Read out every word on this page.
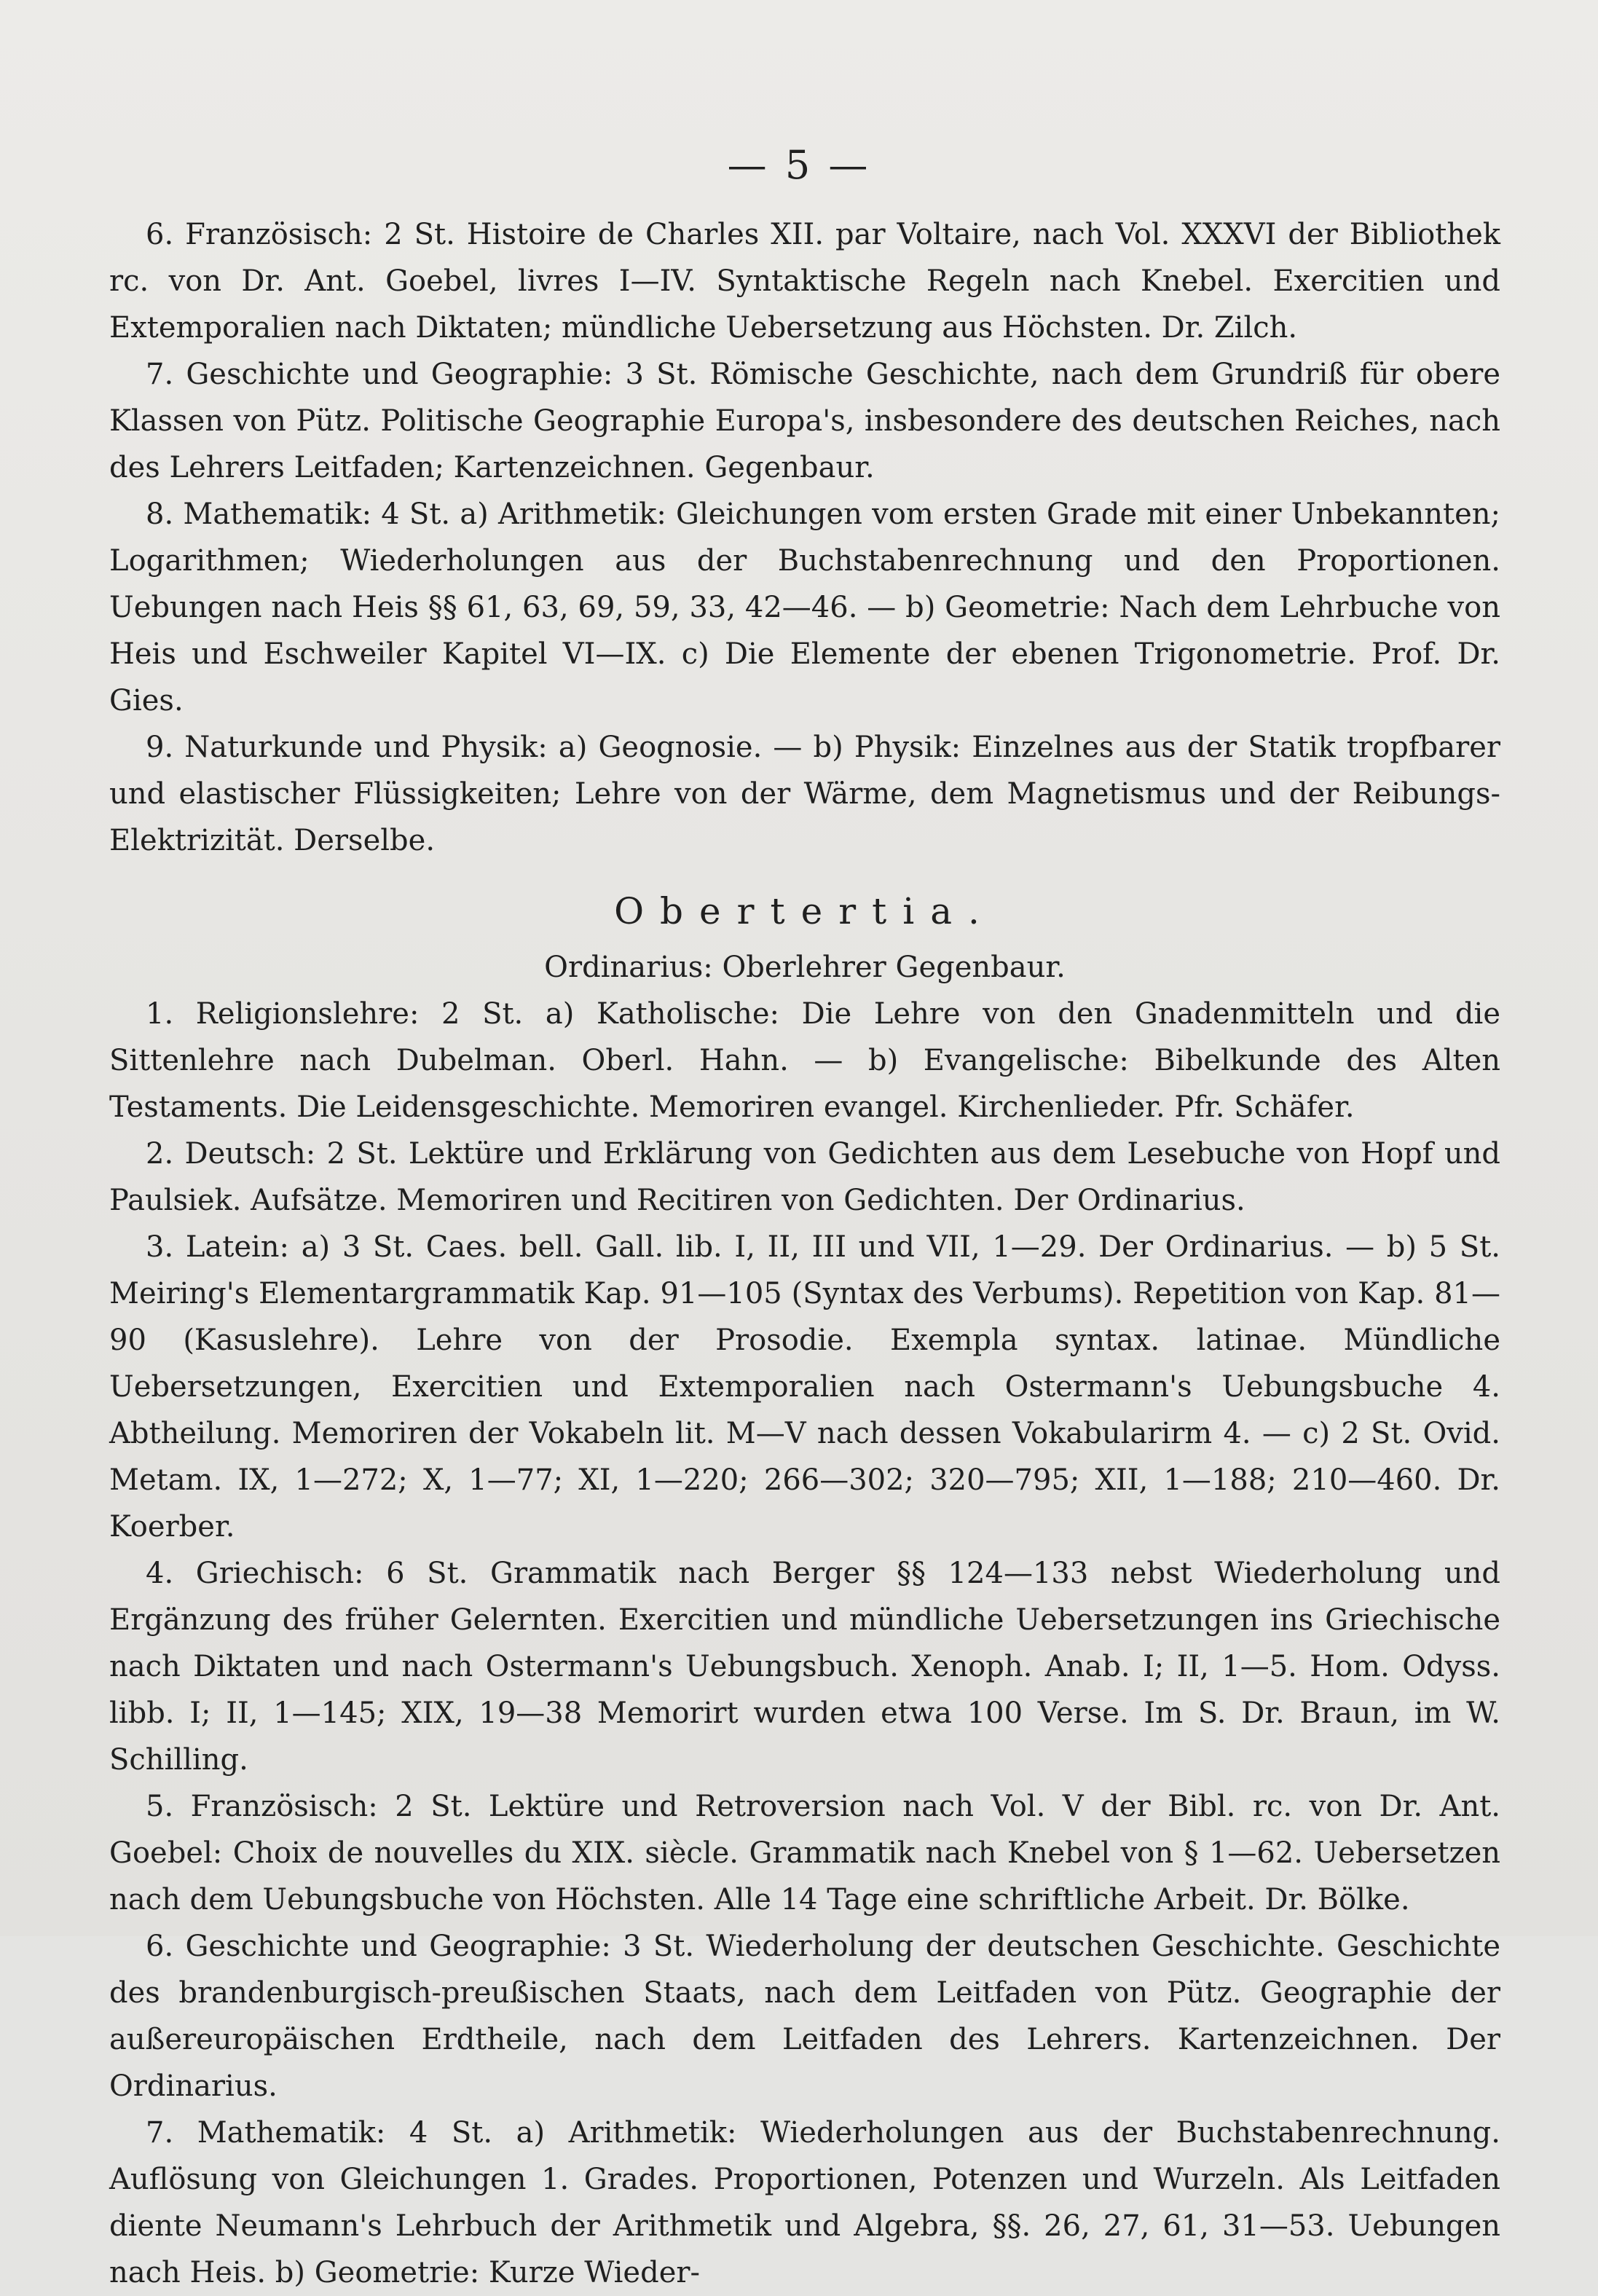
— 5 —

6. Französisch: 2 St. Histoire de Charles XII. par Voltaire, nach Vol. XXXVI der Bibliothek rc. von Dr. Ant. Goebel, livres I—IV. Syntaktische Regeln nach Knebel. Exercitien und Extemporalien nach Diktaten; mündliche Uebersetzung aus Höchsten. Dr. Zilch.

7. Geschichte und Geographie: 3 St. Römische Geschichte, nach dem Grundriß für obere Klassen von Pütz. Politische Geographie Europa's, insbesondere des deutschen Reiches, nach des Lehrers Leitfaden; Kartenzeichnen. Gegenbaur.

8. Mathematik: 4 St. a) Arithmetik: Gleichungen vom ersten Grade mit einer Unbekannten; Logarithmen; Wiederholungen aus der Buchstabenrechnung und den Proportionen. Uebungen nach Heis §§ 61, 63, 69, 59, 33, 42—46. — b) Geometrie: Nach dem Lehrbuche von Heis und Eschweiler Kapitel VI—IX. c) Die Elemente der ebenen Trigonometrie. Prof. Dr. Gies.

9. Naturkunde und Physik: a) Geognosie. — b) Physik: Einzelnes aus der Statik tropfbarer und elastischer Flüssigkeiten; Lehre von der Wärme, dem Magnetismus und der Reibungs-Elektrizität. Derselbe.

Obertertia.
Ordinarius: Oberlehrer Gegenbaur.

1. Religionslehre: 2 St. a) Katholische: Die Lehre von den Gnadenmitteln und die Sittenlehre nach Dubelman. Oberl. Hahn. — b) Evangelische: Bibelkunde des Alten Testaments. Die Leidensgeschichte. Memoriren evangel. Kirchenlieder. Pfr. Schäfer.

2. Deutsch: 2 St. Lektüre und Erklärung von Gedichten aus dem Lesebuche von Hopf und Paulsiek. Aufsätze. Memoriren und Recitiren von Gedichten. Der Ordinarius.

3. Latein: a) 3 St. Caes. bell. Gall. lib. I, II, III und VII, 1—29. Der Ordinarius. — b) 5 St. Meiring's Elementargrammatik Kap. 91—105 (Syntax des Verbums). Repetition von Kap. 81—90 (Kasuslehre). Lehre von der Prosodie. Exempla syntax. latinae. Mündliche Uebersetzungen, Exercitien und Extemporalien nach Ostermann's Uebungsbuche 4. Abtheilung. Memoriren der Vokabeln lit. M—V nach dessen Vokabularirm 4. — c) 2 St. Ovid. Metam. IX, 1—272; X, 1—77; XI, 1—220; 266—302; 320—795; XII, 1—188; 210—460. Dr. Koerber.

4. Griechisch: 6 St. Grammatik nach Berger §§ 124—133 nebst Wiederholung und Ergänzung des früher Gelernten. Exercitien und mündliche Uebersetzungen ins Griechische nach Diktaten und nach Ostermann's Uebungsbuch. Xenoph. Anab. I; II, 1—5. Hom. Odyss. libb. I; II, 1—145; XIX, 19—38 Memorirt wurden etwa 100 Verse. Im S. Dr. Braun, im W. Schilling.

5. Französisch: 2 St. Lektüre und Retroversion nach Vol. V der Bibl. rc. von Dr. Ant. Goebel: Choix de nouvelles du XIX. siècle. Grammatik nach Knebel von § 1—62. Uebersetzen nach dem Uebungsbuche von Höchsten. Alle 14 Tage eine schriftliche Arbeit. Dr. Bölke.

6. Geschichte und Geographie: 3 St. Wiederholung der deutschen Geschichte. Geschichte des brandenburgisch-preußischen Staats, nach dem Leitfaden von Pütz. Geographie der außereuropäischen Erdtheile, nach dem Leitfaden des Lehrers. Kartenzeichnen. Der Ordinarius.

7. Mathematik: 4 St. a) Arithmetik: Wiederholungen aus der Buchstabenrechnung. Auflösung von Gleichungen 1. Grades. Proportionen, Potenzen und Wurzeln. Als Leitfaden diente Neumann's Lehrbuch der Arithmetik und Algebra, §§. 26, 27, 61, 31—53. Uebungen nach Heis. b) Geometrie: Kurze Wieder-
